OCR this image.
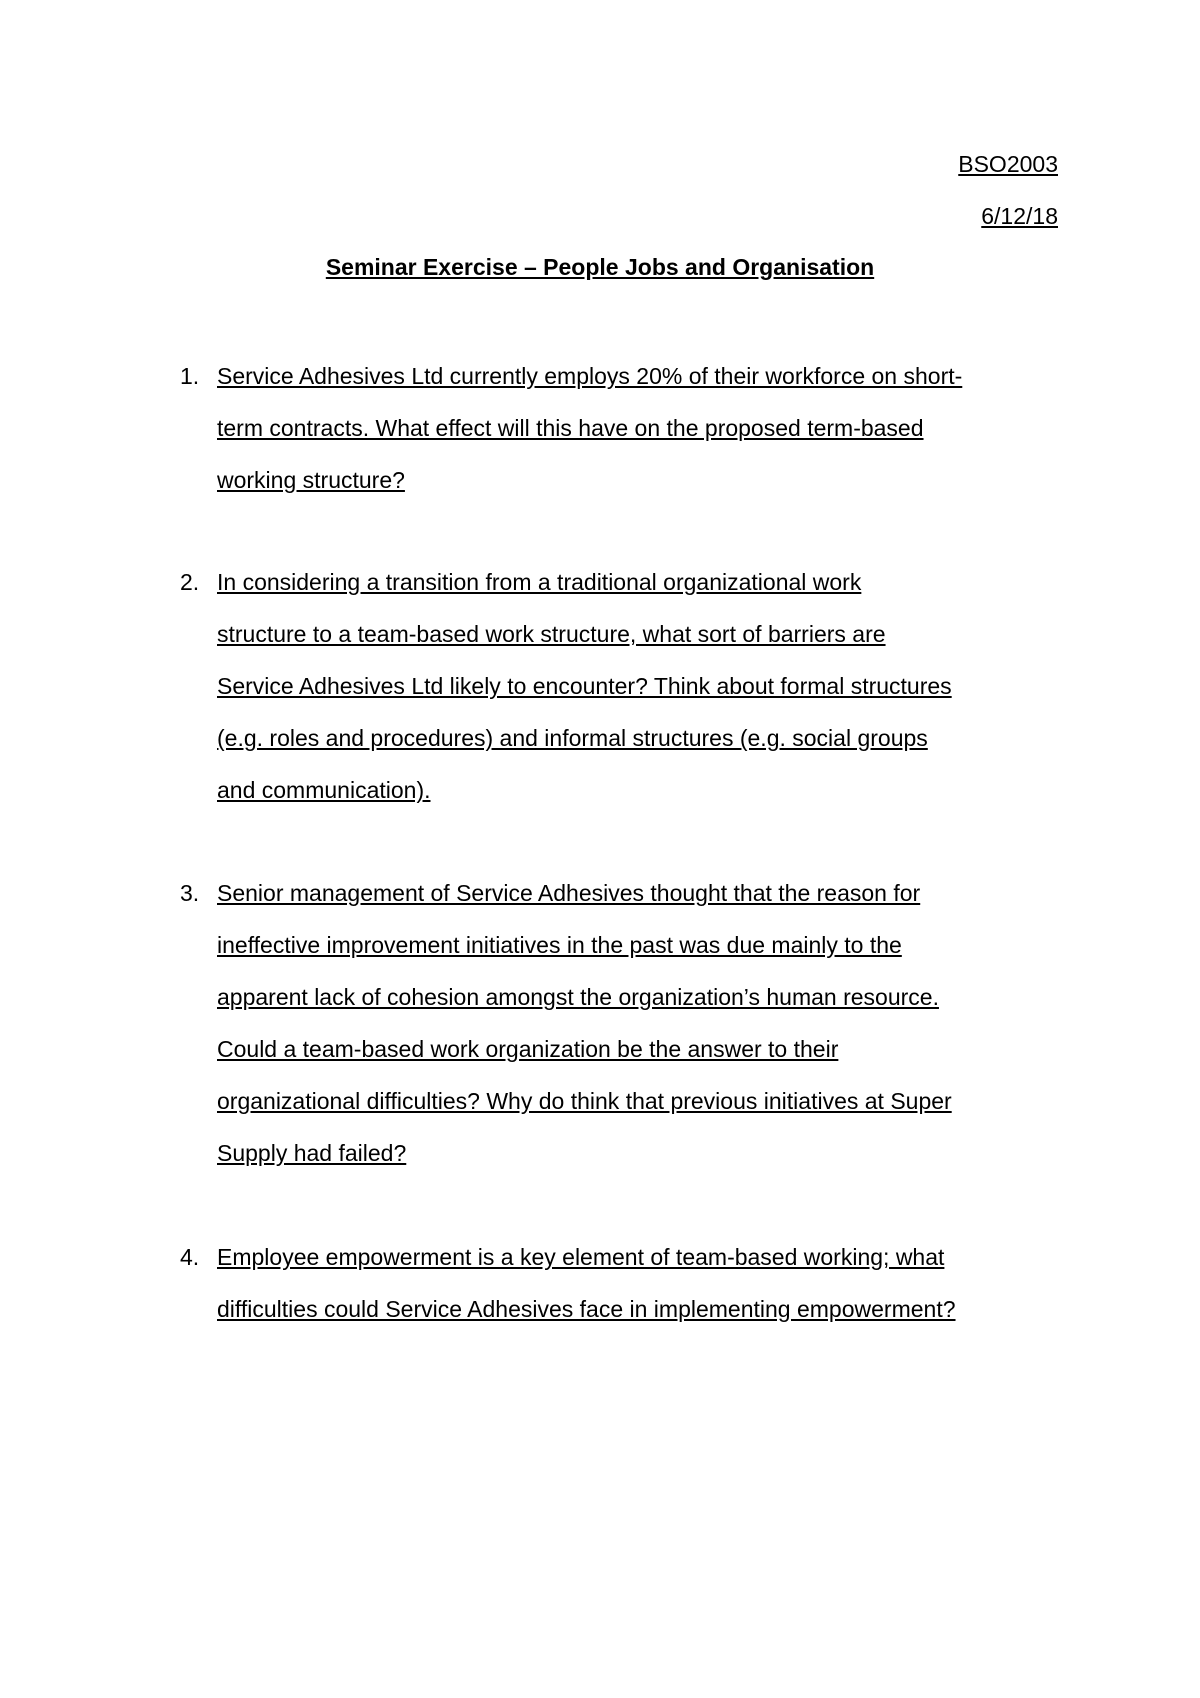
BSO2003
6/12/18
Seminar Exercise – People Jobs and Organisation
1. Service Adhesives Ltd currently employs 20% of their workforce on short-
term contracts. What effect will this have on the proposed term-based
working structure?
2. In considering a transition from a traditional organizational work
structure to a team-based work structure, what sort of barriers are
Service Adhesives Ltd likely to encounter? Think about formal structures
(e.g. roles and procedures) and informal structures (e.g. social groups
and communication).
3. Senior management of Service Adhesives thought that the reason for
ineffective improvement initiatives in the past was due mainly to the
apparent lack of cohesion amongst the organization’s human resource.
Could a team-based work organization be the answer to their
organizational difficulties? Why do think that previous initiatives at Super
Supply had failed?
4. Employee empowerment is a key element of team-based working; what
difficulties could Service Adhesives face in implementing empowerment?
